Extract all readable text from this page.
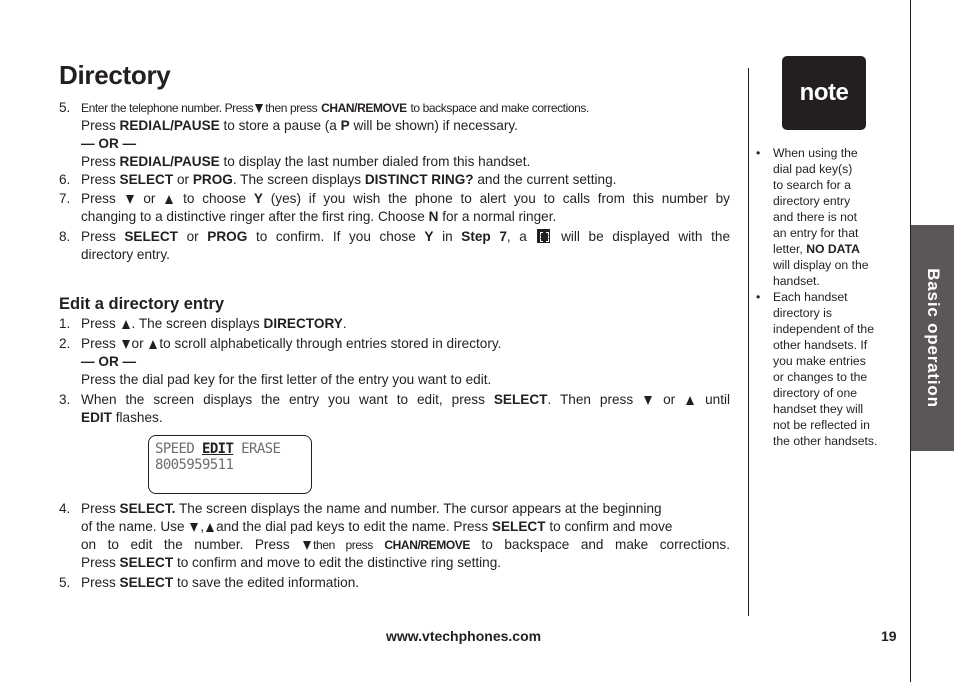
Directory
5. Enter the telephone number. Press then press CHAN/REMOVE to backspace and make corrections.
Press REDIAL/PAUSE to store a pause (a P will be shown) if necessary.
— OR —
Press REDIAL/PAUSE to display the last number dialed from this handset.
6. Press SELECT or PROG. The screen displays DISTINCT RING? and the current setting.
7. Press or to choose Y (yes) if you wish the phone to alert you to calls from this number by
changing to a distinctive ringer after the first ring. Choose N for a normal ringer.
8. Press SELECT or PROG to confirm. If you chose Y in Step 7, a	will be displayed with the
directory entry.
Edit a directory entry
1. Press . The screen displays DIRECTORY.
2. Press or to scroll alphabetically through entries stored in directory.
— OR —
Press the dial pad key for the first letter of the entry you want to edit.
3. When the screen displays the entry you want to edit, press SELECT. Then press or until
EDIT flashes.
SPEED EDIT ERASE
8005959511
4. Press SELECT. The screen displays the name and number. The cursor appears at the beginning
of the name. Use , and the dial pad keys to edit the name. Press SELECT to confirm and move
on to edit the number. Press then press CHAN/REMOVE to backspace and make corrections.
Press SELECT to confirm and move to edit the distinctive ring setting.
5. Press SELECT to save the edited information.
note
• When using the
dial pad key(s)
to search for a
directory entry
and there is not
an entry for that
letter, NO DATA
will display on the
handset.
• Each handset
directory is
independent of the
other handsets. If
you make entries
or changes to the
directory of one
handset they will
not be reflected in
the other handsets.
Basic operation
www.vtechphones.com	19
